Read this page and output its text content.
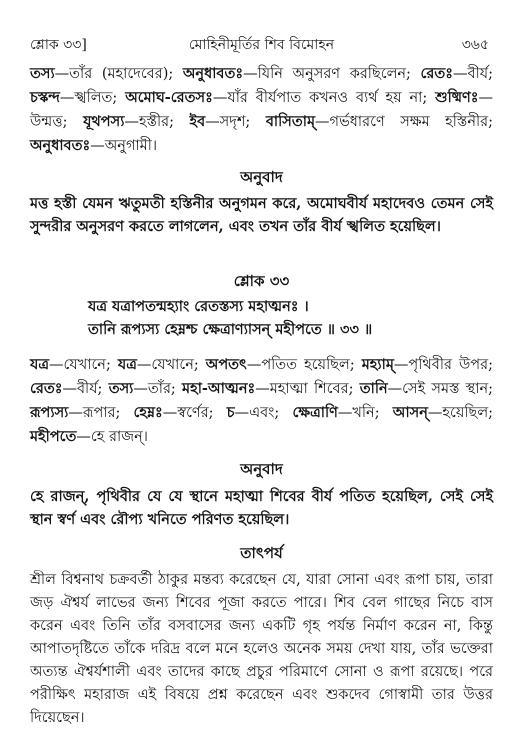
শ্লোক ৩৩]	মোহিনীমূর্তির শিব বিমোহন	৩৬৫
তস্য—তাঁর (মহাদেবের); অনুধাবতঃ—যিনি অনুসরণ করছিলেন; রেতঃ—বীর্য; চস্কন্দ—স্খলিত; অমোঘ-রেতসঃ—যাঁর বীর্যপাত কখনও ব্যর্থ হয় না; শুষ্মিণঃ—উন্মত্ত; যূথপস্য—হস্তীর; ইব—সদৃশ; বাসিতাম্—গর্ভধারণে সক্ষম হস্তিনীর; অনুধাবতঃ—অনুগামী।
অনুবাদ
মত্ত হস্তী যেমন ঋতুমতী হস্তিনীর অনুগমন করে, অমোঘবীর্য মহাদেবও তেমন সেই সুন্দরীর অনুসরণ করতে লাগলেন, এবং তখন তাঁর বীর্য স্খলিত হয়েছিল।
শ্লোক ৩৩
যত্র যত্রাপতন্মহ্যাং রেতস্তস্য মহাত্মনঃ ।
তানি রূপ্যস্য হেম্নশ্চ ক্ষেত্রাণ্যাসন্ মহীপতে ॥ ৩৩ ॥
যত্র—যেখানে; যত্র—যেখানে; অপতৎ—পতিত হয়েছিল; মহ্যাম্—পৃথিবীর উপর; রেতঃ—বীর্য; তস্য—তাঁর; মহা-আত্মনঃ—মহাত্মা শিবের; তানি—সেই সমস্ত স্থান; রূপ্যস্য—রূপার; হেম্নঃ—স্বর্ণের; চ—এবং; ক্ষেত্রাণি—খনি; আসন্—হয়েছিল; মহীপতে—হে রাজন্।
অনুবাদ
হে রাজন্, পৃথিবীর যে যে স্থানে মহাত্মা শিবের বীর্য পতিত হয়েছিল, সেই সেই স্থান স্বর্ণ এবং রৌপ্য খনিতে পরিণত হয়েছিল।
তাৎপর্য
শ্রীল বিশ্বনাথ চক্রবর্তী ঠাকুর মন্তব্য করেছেন যে, যারা সোনা এবং রূপা চায়, তারা জড় ঐশ্বর্য লাভের জন্য শিবের পূজা করতে পারে। শিব বেল গাছের নিচে বাস করেন এবং তিনি তাঁর বসবাসের জন্য একটি গৃহ পর্যন্ত নির্মাণ করেন না, কিন্তু আপাতদৃষ্টিতে তাঁকে দরিদ্র বলে মনে হলেও অনেক সময় দেখা যায়, তাঁর ভক্তেরা অত্যন্ত ঐশ্বর্যশালী এবং তাদের কাছে প্রচুর পরিমাণে সোনা ও রূপা রয়েছে। পরে পরীক্ষিৎ মহারাজ এই বিষয়ে প্রশ্ন করেছেন এবং শুকদেব গোস্বামী তার উত্তর দিয়েছেন।
